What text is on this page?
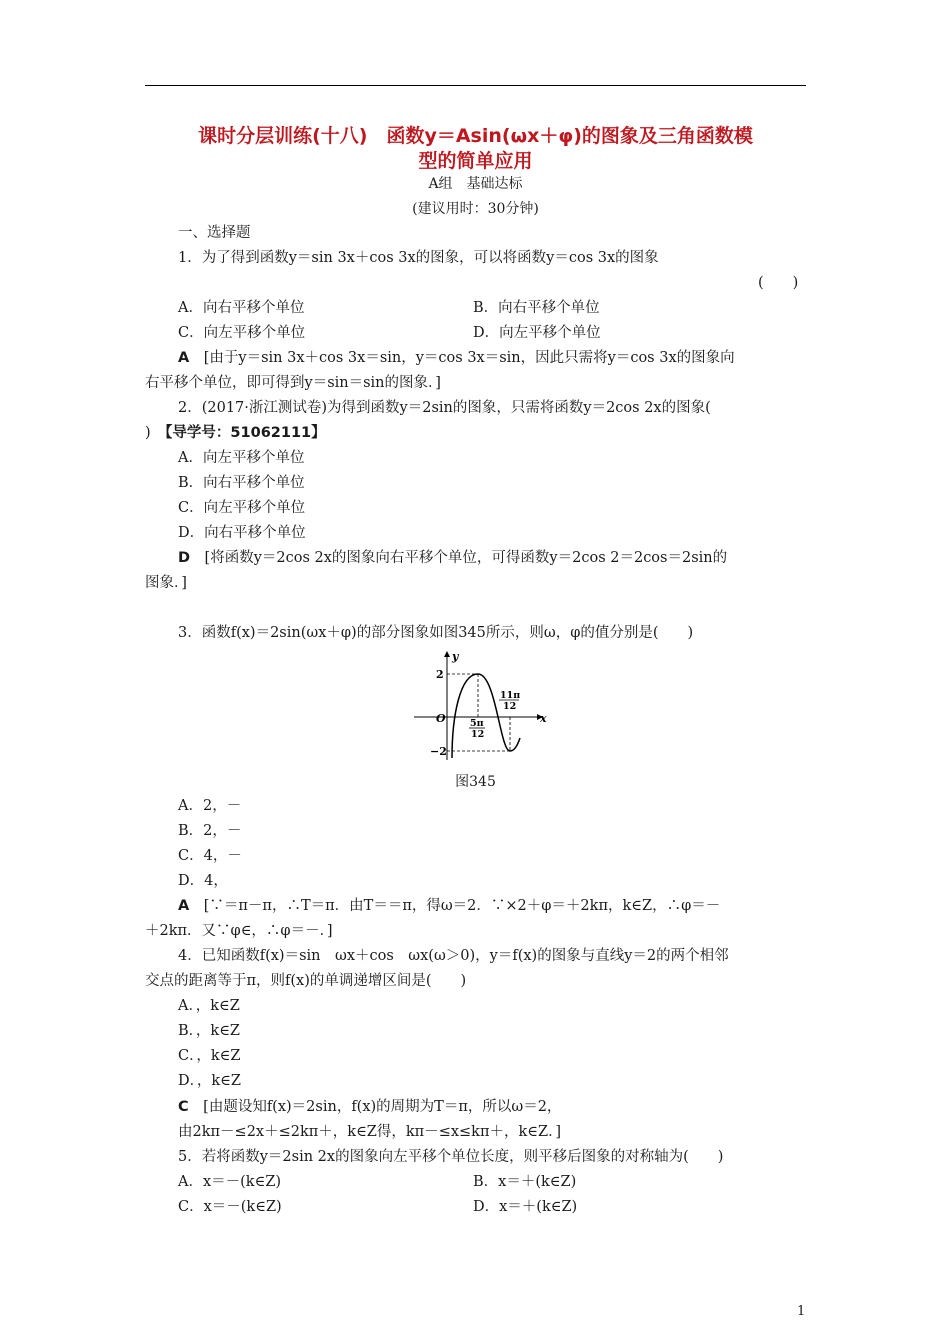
课时分层训练(十八)　函数y＝Asin(ωx＋φ)的图象及三角函数模
型的简单应用
A组　基础达标
(建议用时：30分钟)
一、选择题
1．为了得到函数y＝sin 3x＋cos 3x的图象，可以将函数y＝cos 3x的图象
(　　)
A．向右平移个单位	B．向右平移个单位
C．向左平移个单位	D．向左平移个单位
A　 [由于y＝sin 3x＋cos 3x＝sin，y＝cos 3x＝sin，因此只需将y＝cos 3x的图象向
右平移个单位，即可得到y＝sin＝sin的图象．]
2．(2017·浙江测试卷)为得到函数y＝2sin的图象，只需将函数y＝2cos 2x的图象(
)　 【导学号：51062111】
A．向左平移个单位
B．向右平移个单位
C．向左平移个单位
D．向右平移个单位
D　 [将函数y＝2cos 2x的图象向右平移个单位，可得函数y＝2cos 2＝2cos＝2sin的
图象．]
3．函数f(x)＝2sin(ωx＋φ)的部分图象如图345所示，则ω，φ的值分别是(　　)
y
x
O
2
−2
5π
12
11π
12
图345
A．2，－
B．2，－
C．4，－
D．4，
A　 [∵＝π－π，∴T＝π．由T＝＝π，得ω＝2．∵×2＋φ＝＋2kπ，k∈Z，∴φ＝－
＋2kπ．又∵φ∈，∴φ＝－．]
4．已知函数f(x)＝sin　ωx＋cos　ωx(ω＞0)，y＝f(x)的图象与直线y＝2的两个相邻
交点的距离等于π，则f(x)的单调递增区间是(　　)
A．，k∈Z
B．，k∈Z
C．，k∈Z
D．，k∈Z
C　 [由题设知f(x)＝2sin，f(x)的周期为T＝π，所以ω＝2，
由2kπ－≤2x＋≤2kπ＋，k∈Z得，kπ－≤x≤kπ＋，k∈Z．]
5．若将函数y＝2sin 2x的图象向左平移个单位长度，则平移后图象的对称轴为(　　)
A．x＝－(k∈Z)	B．x＝＋(k∈Z)
C．x＝－(k∈Z)	D．x＝＋(k∈Z)
1
